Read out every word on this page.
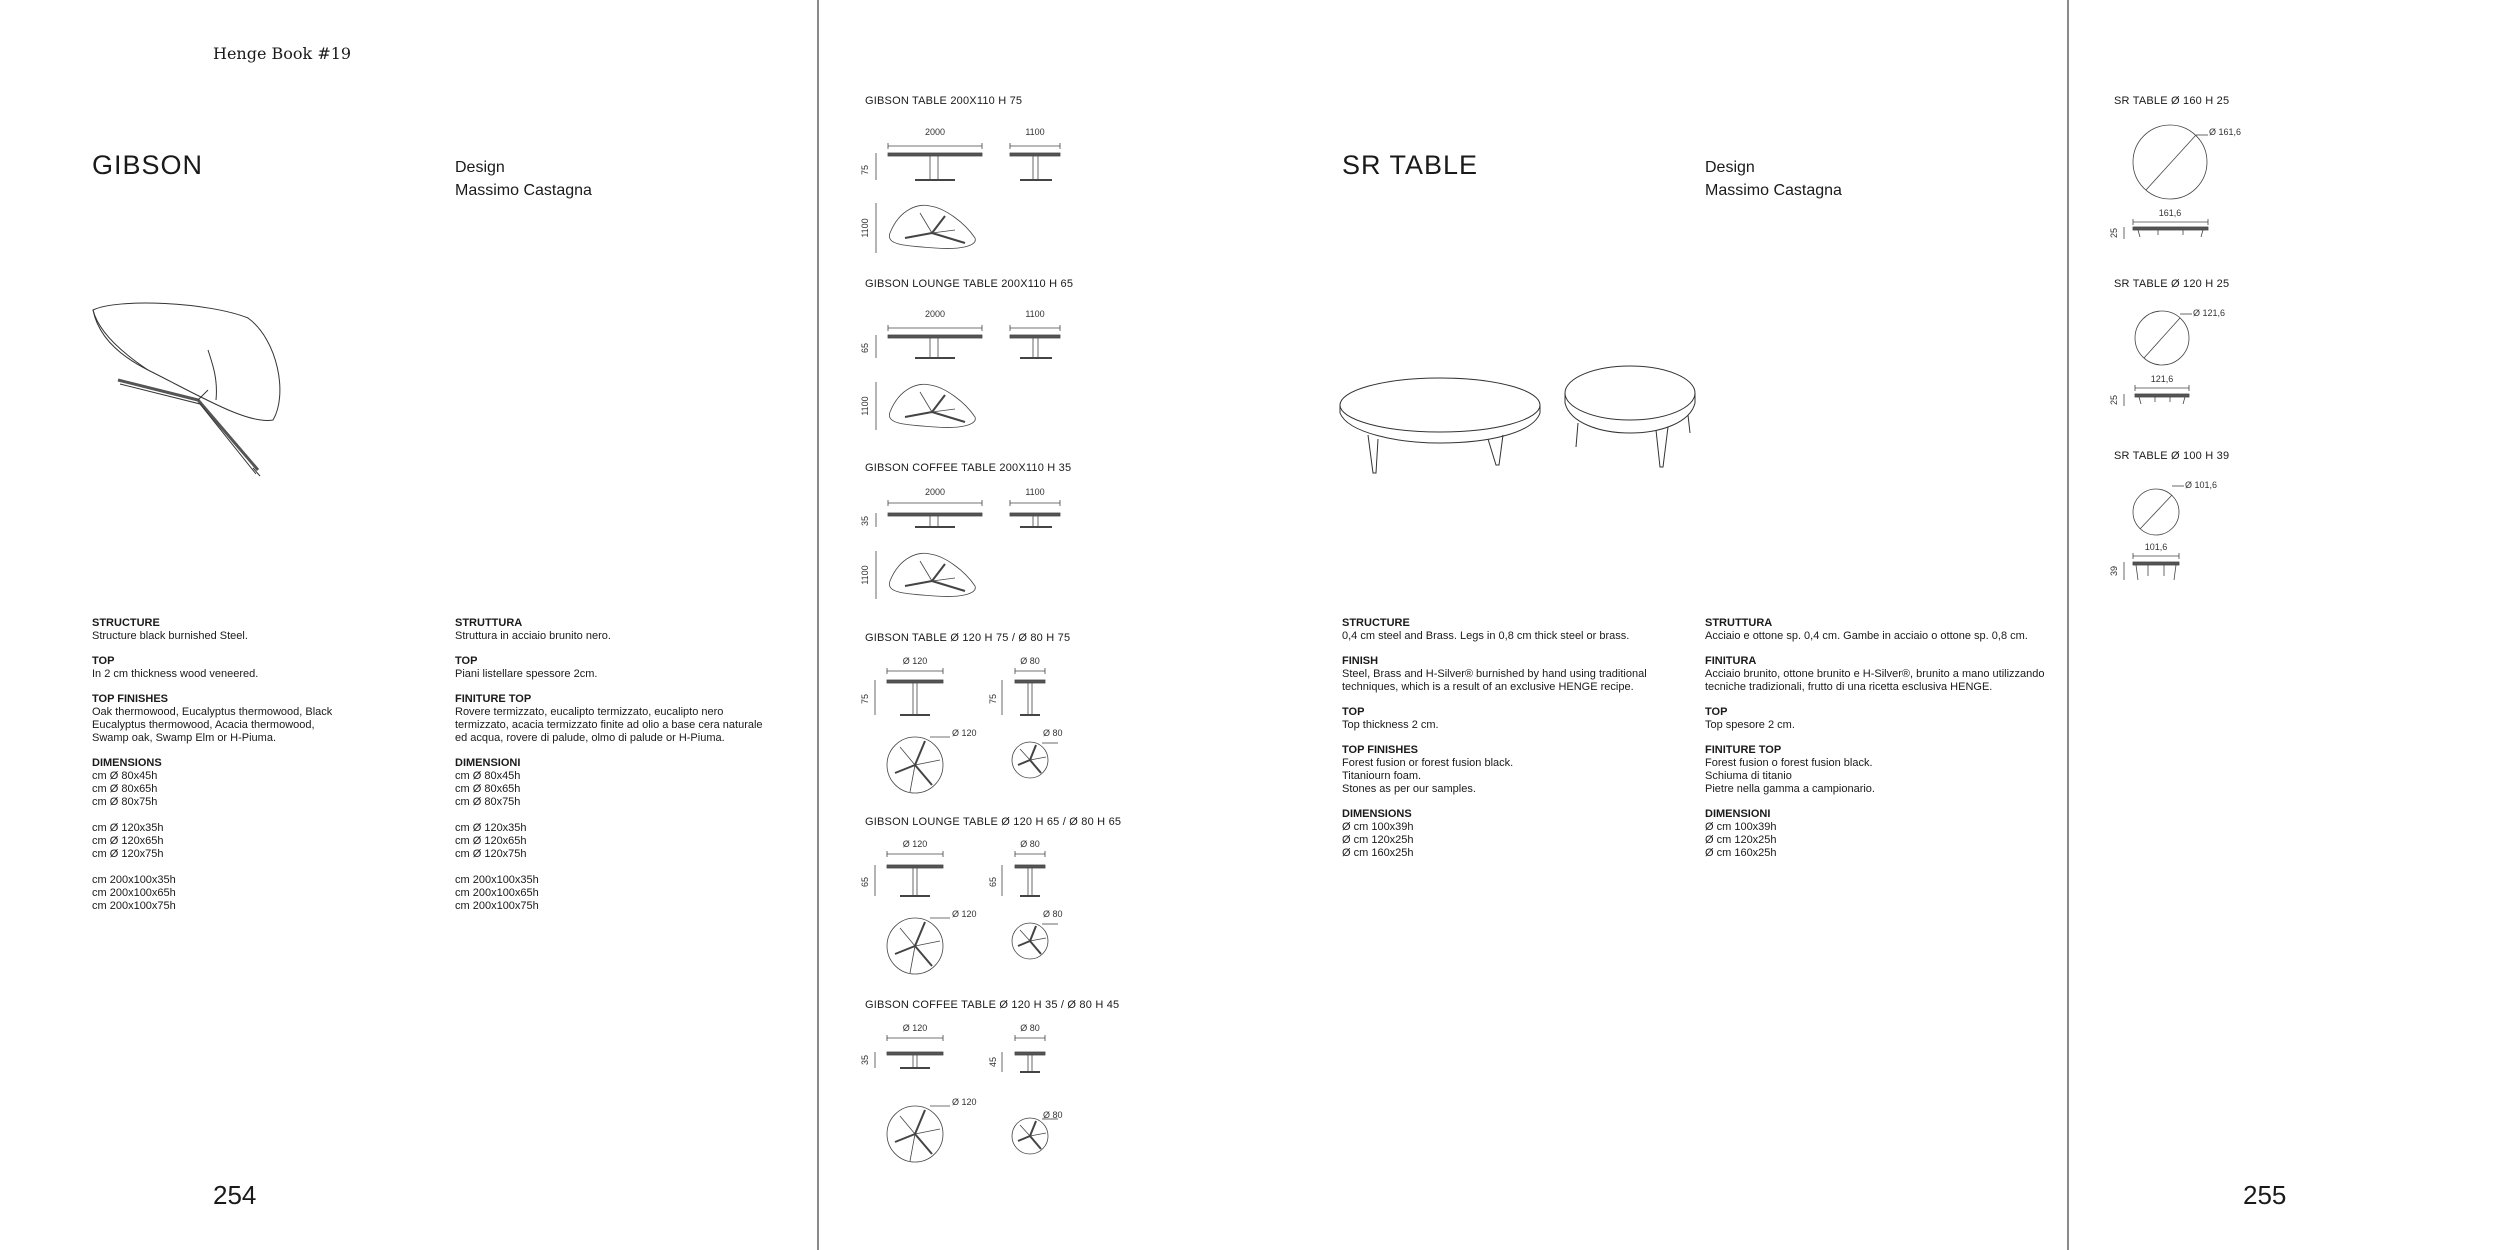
Henge Book #19
GIBSON	Design
Massimo Castagna
STRUCTURE
Structure black burnished Steel.
TOP
In 2 cm thickness wood veneered.
TOP FINISHES
Oak thermowood, Eucalyptus thermowood, Black
Eucalyptus thermowood, Acacia thermowood,
Swamp oak, Swamp Elm or H-Piuma.
DIMENSIONS
cm Ø 80x45h
cm Ø 80x65h
cm Ø 80x75h
cm Ø 120x35h
cm Ø 120x65h
cm Ø 120x75h
cm 200x100x35h
cm 200x100x65h
cm 200x100x75h
STRUTTURA
Struttura in acciaio brunito nero.
TOP
Piani listellare spessore 2cm.
FINITURE TOP
Rovere termizzato, eucalipto termizzato, eucalipto nero
termizzato, acacia termizzato finite ad olio a base cera naturale
ed acqua, rovere di palude, olmo di palude or H-Piuma.
DIMENSIONI
cm Ø 80x45h
cm Ø 80x65h
cm Ø 80x75h
cm Ø 120x35h
cm Ø 120x65h
cm Ø 120x75h
cm 200x100x35h
cm 200x100x65h
cm 200x100x75h
254
GIBSON TABLE 200X110 H 75
2000	1100
75
1100
GIBSON LOUNGE TABLE 200X110 H 65
2000	1100
65
1100
GIBSON COFFEE TABLE 200X110 H 35
2000	1100
35
1100
GIBSON TABLE Ø 120 H 75 / Ø 80 H 75
Ø 120	Ø 80
75	75
Ø 120	Ø 80
GIBSON LOUNGE TABLE Ø 120 H 65 / Ø 80 H 65
Ø 120	Ø 80
65	65
Ø 120	Ø 80
GIBSON COFFEE TABLE Ø 120 H 35 / Ø 80 H 45
Ø 120	Ø 80
35	45
Ø 120
Ø 80
SR TABLE	Design
Massimo Castagna
STRUCTURE
0,4 cm steel and Brass. Legs in 0,8 cm thick steel or brass.
FINISH
Steel, Brass and H-Silver® burnished by hand using traditional
techniques, which is a result of an exclusive HENGE recipe.
TOP
Top thickness 2 cm.
TOP FINISHES
Forest fusion or forest fusion black.
Titaniourn foam.
Stones as per our samples.
DIMENSIONS
Ø cm 100x39h
Ø cm 120x25h
Ø cm 160x25h
STRUTTURA
Acciaio e ottone sp. 0,4 cm. Gambe in acciaio o ottone sp. 0,8 cm.
FINITURA
Acciaio brunito, ottone brunito e H-Silver®, brunito a mano utilizzando
tecniche tradizionali, frutto di una ricetta esclusiva HENGE.
TOP
Top spesore 2 cm.
FINITURE TOP
Forest fusion o forest fusion black.
Schiuma di titanio
Pietre nella gamma a campionario.
DIMENSIONI
Ø cm 100x39h
Ø cm 120x25h
Ø cm 160x25h
SR TABLE Ø 160 H 25
Ø 161,6
161,6
25
SR TABLE Ø 120 H 25
Ø 121,6
121,6
25
SR TABLE Ø 100 H 39
Ø 101,6
101,6
39
255
